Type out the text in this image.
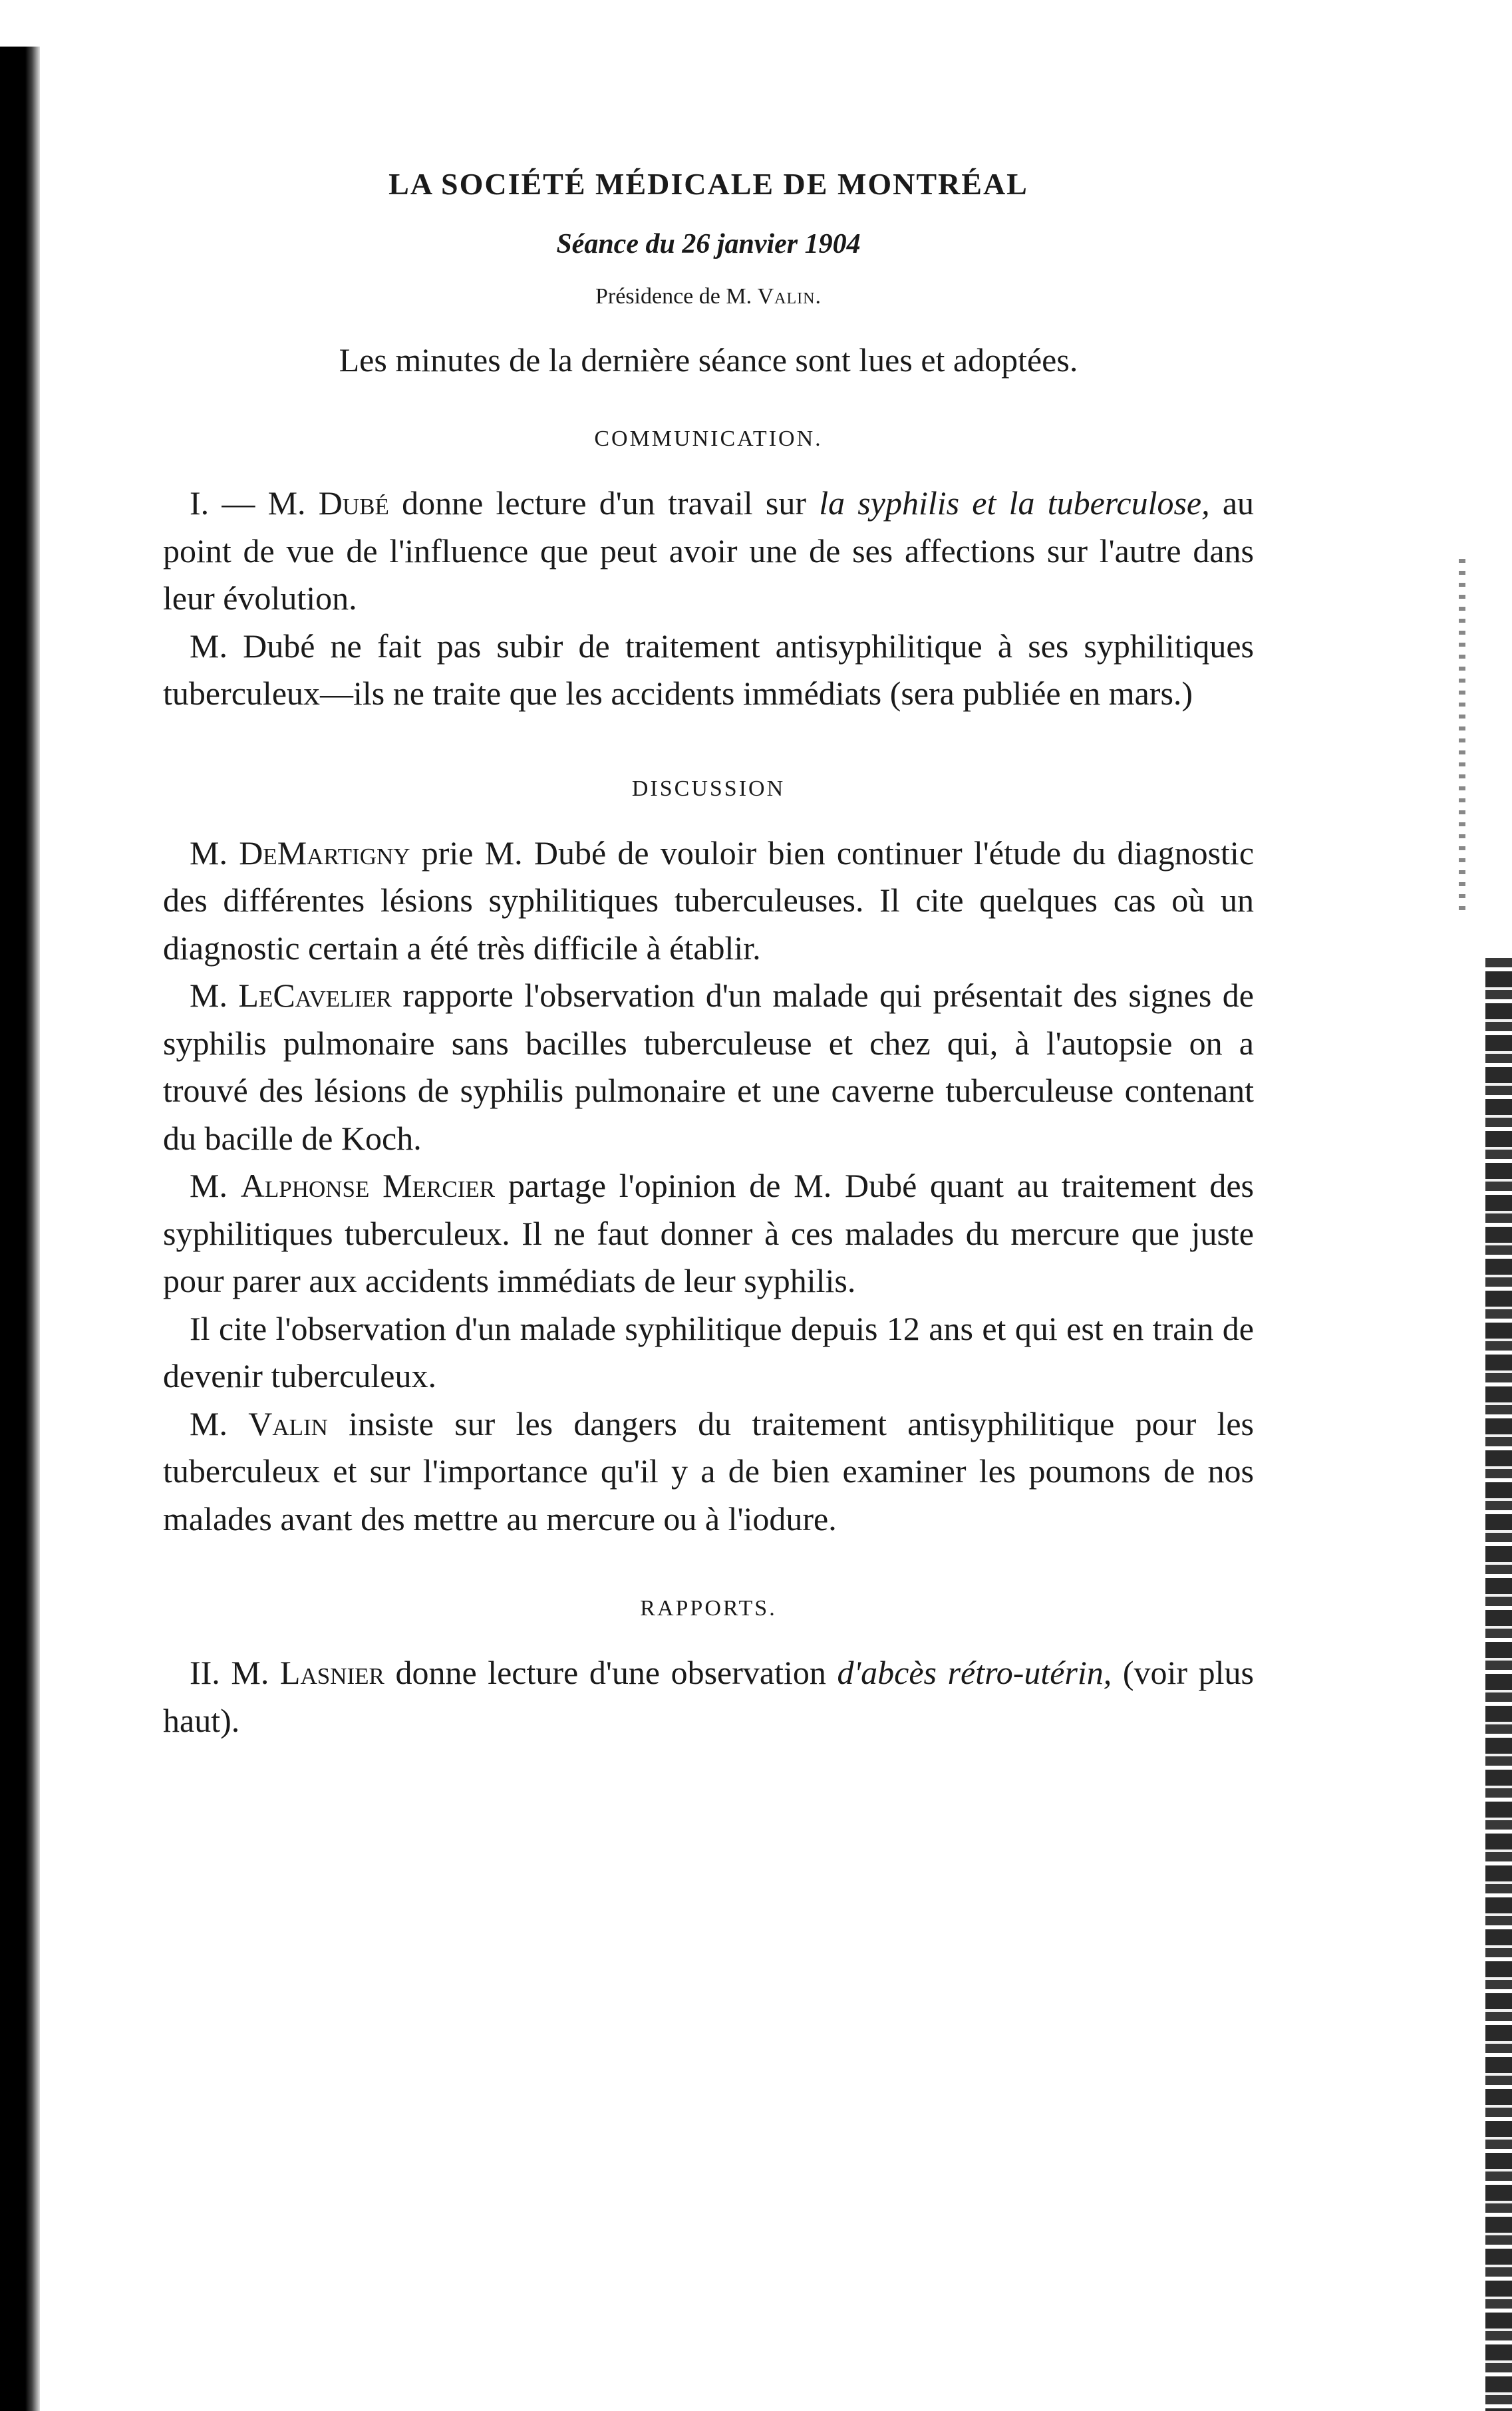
LA SOCIÉTÉ MÉDICALE DE MONTRÉAL
Séance du 26 janvier 1904
Présidence de M. Valin.
Les minutes de la dernière séance sont lues et adoptées.
COMMUNICATION.

I. — M. Dubé donne lecture d'un travail sur la syphilis et la tuberculose, au point de vue de l'influence que peut avoir une de ses affections sur l'autre dans leur évolution.

M. Dubé ne fait pas subir de traitement antisyphilitique à ses syphilitiques tuberculeux—ils ne traite que les accidents immédiats (sera publiée en mars.)

DISCUSSION

M. DeMartigny prie M. Dubé de vouloir bien continuer l'étude du diagnostic des différentes lésions syphilitiques tuberculeuses. Il cite quelques cas où un diagnostic certain a été très difficile à établir.

M. LeCavelier rapporte l'observation d'un malade qui présentait des signes de syphilis pulmonaire sans bacilles tuberculeuse et chez qui, à l'autopsie on a trouvé des lésions de syphilis pulmonaire et une caverne tuberculeuse contenant du bacille de Koch.

M. Alphonse Mercier partage l'opinion de M. Dubé quant au traitement des syphilitiques tuberculeux. Il ne faut donner à ces malades du mercure que juste pour parer aux accidents immédiats de leur syphilis.

Il cite l'observation d'un malade syphilitique depuis 12 ans et qui est en train de devenir tuberculeux.

M. Valin insiste sur les dangers du traitement antisyphilitique pour les tuberculeux et sur l'importance qu'il y a de bien examiner les poumons de nos malades avant des mettre au mercure ou à l'iodure.

RAPPORTS.

II. M. Lasnier donne lecture d'une observation d'abcès rétro-utérin, (voir plus haut).
